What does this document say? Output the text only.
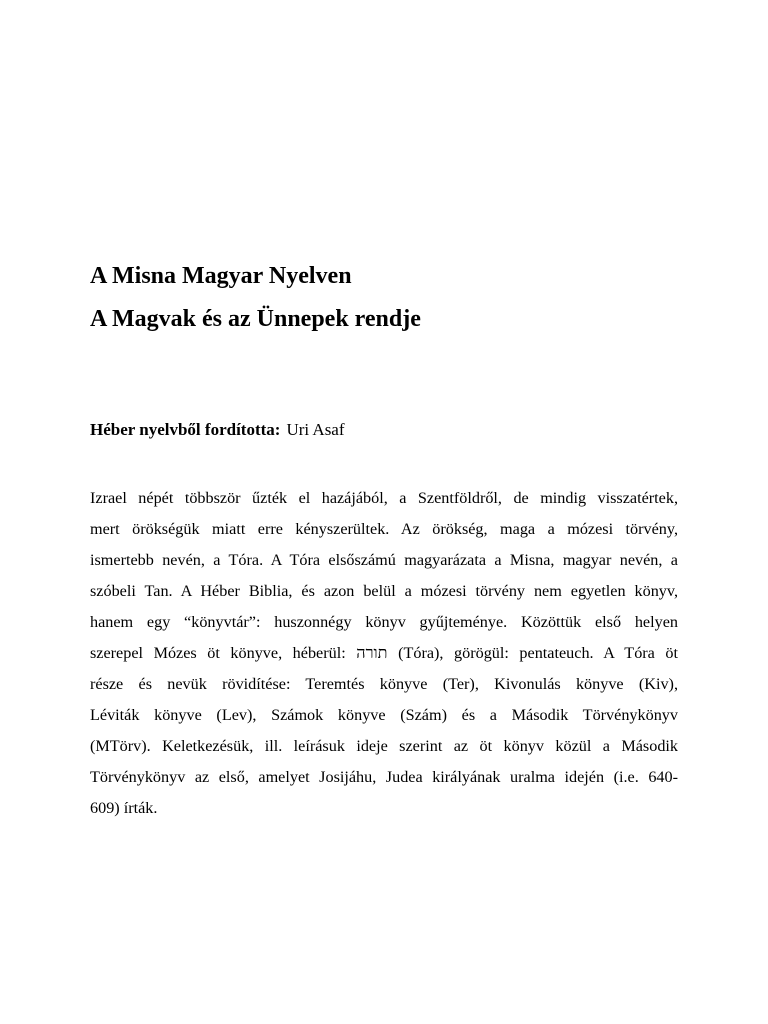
A Misna Magyar Nyelven
A Magvak és az Ünnepek rendje
Héber nyelvből fordította: Uri Asaf
Izrael népét többször űzték el hazájából, a Szentföldről, de mindig visszatértek,
mert örökségük miatt erre kényszerültek. Az örökség, maga a mózesi törvény,
ismertebb nevén, a Tóra. A Tóra elsőszámú magyarázata a Misna, magyar nevén, a
szóbeli Tan. A Héber Biblia, és azon belül a mózesi törvény nem egyetlen könyv,
hanem egy “könyvtár”: huszonnégy könyv gyűjteménye. Közöttük első helyen
szerepel Mózes öt könyve, héberül: תורה (Tóra), görögül: pentateuch. A Tóra öt
része és nevük rövidítése: Teremtés könyve (Ter), Kivonulás könyve (Kiv),
Léviták könyve (Lev), Számok könyve (Szám) és a Második Törvénykönyv
(MTörv). Keletkezésük, ill. leírásuk ideje szerint az öt könyv közül a Második
Törvénykönyv az első, amelyet Josijáhu, Judea királyának uralma idején (i.e. 640-
609) írták.
